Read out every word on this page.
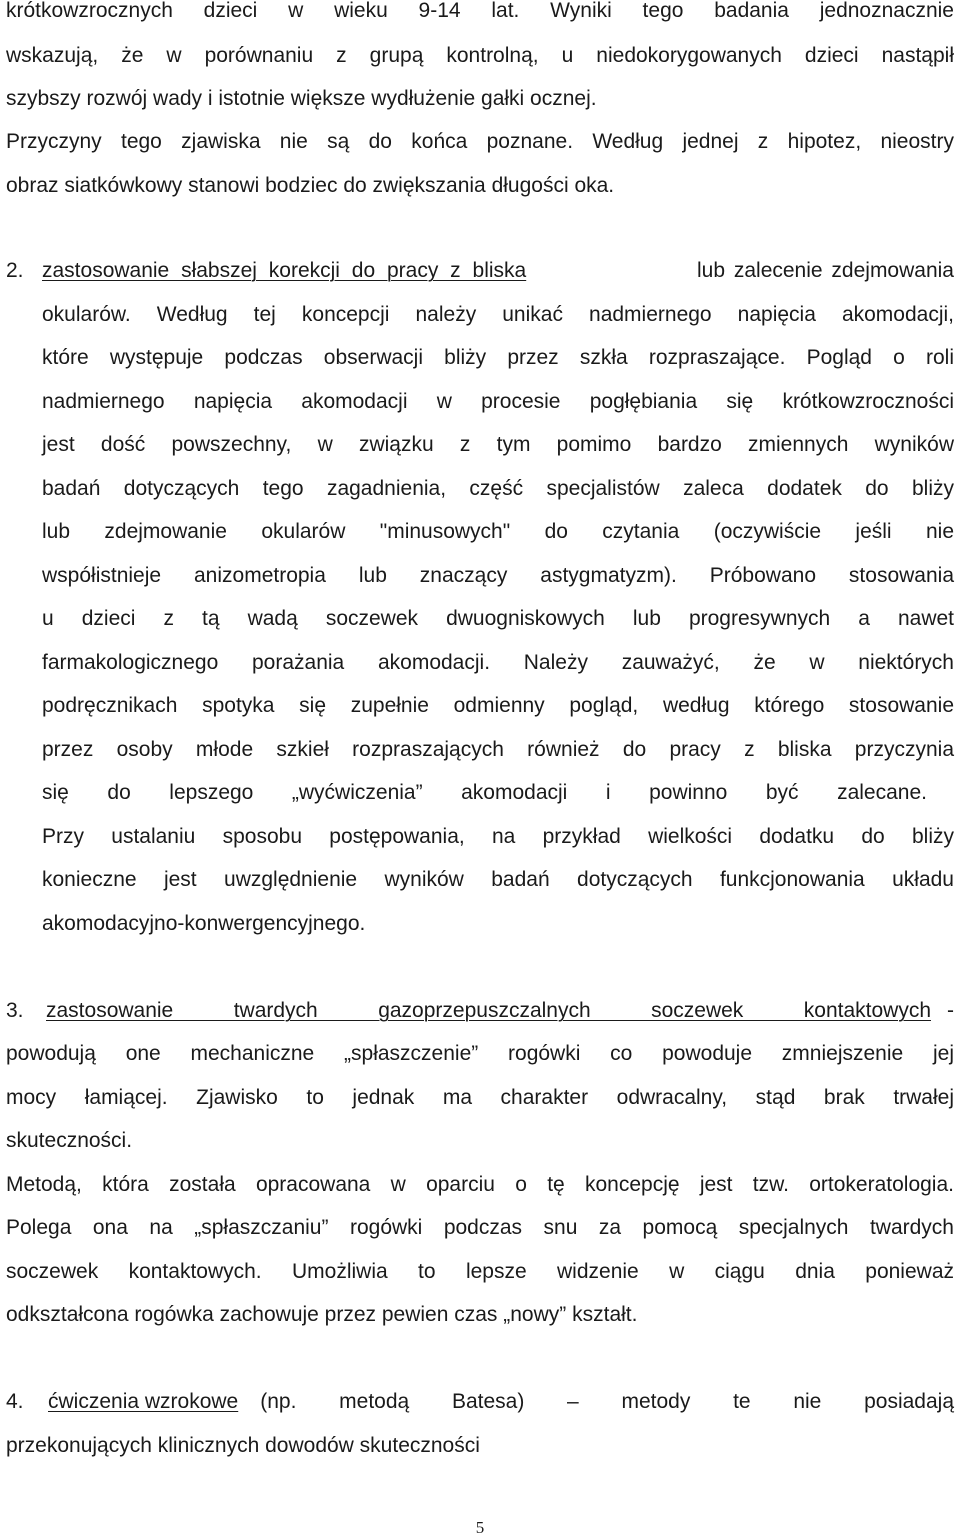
krótkowzrocznych dzieci w wieku 9-14 lat. Wyniki tego badania jednoznacznie
wskazują, że w porównaniu z grupą kontrolną, u niedokorygowanych dzieci nastąpił
szybszy rozwój wady i istotnie większe wydłużenie gałki ocznej.
Przyczyny tego zjawiska nie są do końca poznane. Według jednej z hipotez, nieostry
obraz siatkówkowy stanowi bodziec do zwiększania długości oka.
2. zastosowanie słabszej korekcji do pracy z bliska	lub zalecenie zdejmowania
okularów. Według tej koncepcji należy unikać nadmiernego napięcia akomodacji,
które występuje podczas obserwacji bliży przez szkła rozpraszające. Pogląd o roli
nadmiernego napięcia akomodacji w procesie pogłębiania się krótkowzroczności
jest dość powszechny, w związku z tym pomimo bardzo zmiennych wyników
badań dotyczących tego zagadnienia, część specjalistów zaleca dodatek do bliży
lub zdejmowanie okularów "minusowych" do czytania (oczywiście jeśli nie
współistnieje anizometropia lub znaczący astygmatyzm). Próbowano stosowania
u dzieci z tą wadą soczewek dwuogniskowych lub progresywnych a nawet
farmakologicznego porażania akomodacji. Należy zauważyć, że w niektórych
podręcznikach spotyka się zupełnie odmienny pogląd, według którego stosowanie
przez osoby młode szkieł rozpraszających również do pracy z bliska przyczynia
się do lepszego „wyćwiczenia” akomodacji i powinno być zalecane.
Przy ustalaniu sposobu postępowania, na przykład wielkości dodatku do bliży
konieczne jest uwzględnienie wyników badań dotyczących funkcjonowania układu
akomodacyjno-konwergencyjnego.
3. zastosowanie twardych gazoprzepuszczalnych soczewek kontaktowych -
powodują one mechaniczne „spłaszczenie” rogówki co powoduje zmniejszenie jej
mocy łamiącej. Zjawisko to jednak ma charakter odwracalny, stąd brak trwałej
skuteczności.
Metodą, która została opracowana w oparciu o tę koncepcję jest tzw. ortokeratologia.
Polega ona na „spłaszczaniu” rogówki podczas snu za pomocą specjalnych twardych
soczewek kontaktowych. Umożliwia to lepsze widzenie w ciągu dnia ponieważ
odkształcona rogówka zachowuje przez pewien czas „nowy” kształt.
4. ćwiczenia wzrokowe (np. metodą Batesa) – metody te nie posiadają
przekonujących klinicznych dowodów skuteczności
5
